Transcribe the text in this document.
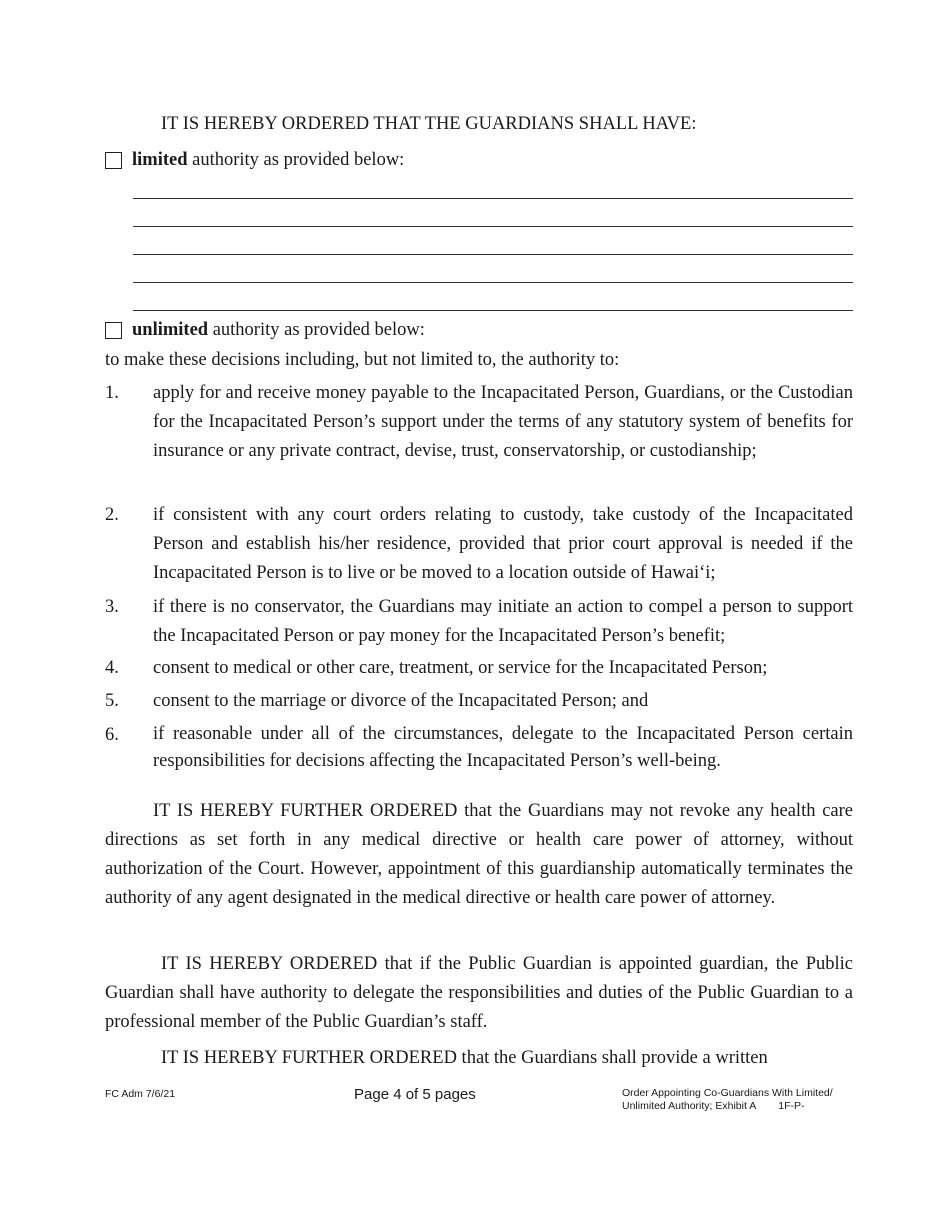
IT IS HEREBY ORDERED THAT THE GUARDIANS SHALL HAVE:
limited authority as provided below:
unlimited authority as provided below:
to make these decisions including, but not limited to, the authority to:
1.	apply for and receive money payable to the Incapacitated Person, Guardians, or the Custodian for the Incapacitated Person’s support under the terms of any statutory system of benefits for insurance or any private contract, devise, trust, conservatorship, or custodianship;
2.	if consistent with any court orders relating to custody, take custody of the Incapacitated Person and establish his/her residence, provided that prior court approval is needed if the Incapacitated Person is to live or be moved to a location outside of Hawai‘i;
3.	if there is no conservator, the Guardians may initiate an action to compel a person to support the Incapacitated Person or pay money for the Incapacitated Person’s benefit;
4.	consent to medical or other care, treatment, or service for the Incapacitated Person;
5.	consent to the marriage or divorce of the Incapacitated Person; and
6.	if reasonable under all of the circumstances, delegate to the Incapacitated Person certain responsibilities for decisions affecting the Incapacitated Person’s well-being.
IT IS HEREBY FURTHER ORDERED that the Guardians may not revoke any health care directions as set forth in any medical directive or health care power of attorney, without authorization of the Court. However, appointment of this guardianship automatically terminates the authority of any agent designated in the medical directive or health care power of attorney.
IT IS HEREBY ORDERED that if the Public Guardian is appointed guardian, the Public Guardian shall have authority to delegate the responsibilities and duties of the Public Guardian to a professional member of the Public Guardian’s staff.
IT IS HEREBY FURTHER ORDERED that the Guardians shall provide a written
FC Adm 7/6/21	Page 4 of 5 pages	Order Appointing Co-Guardians With Limited/
Unlimited Authority; Exhibit A 1F-P-
